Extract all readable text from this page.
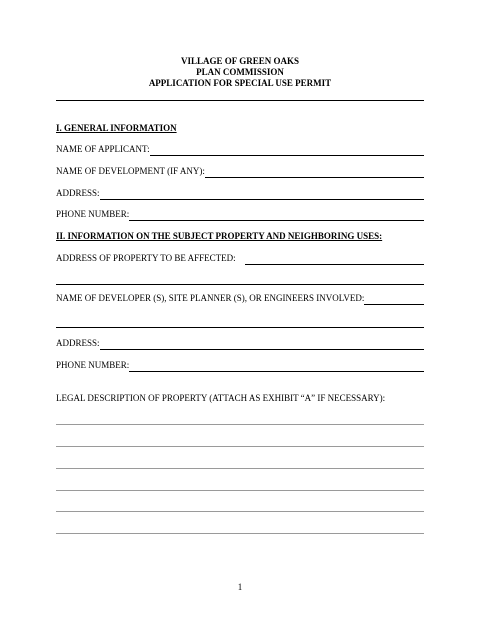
VILLAGE OF GREEN OAKS
PLAN COMMISSION
APPLICATION FOR SPECIAL USE PERMIT
I. GENERAL INFORMATION
NAME OF APPLICANT:
NAME OF DEVELOPMENT (IF ANY):
ADDRESS:
PHONE NUMBER:
II. INFORMATION ON THE SUBJECT PROPERTY AND NEIGHBORING USES:
ADDRESS OF PROPERTY TO BE AFFECTED:
NAME OF DEVELOPER (S), SITE PLANNER (S), OR ENGINEERS INVOLVED:
ADDRESS:
PHONE NUMBER:
LEGAL DESCRIPTION OF PROPERTY (ATTACH AS EXHIBIT “A” IF NECESSARY):
1
